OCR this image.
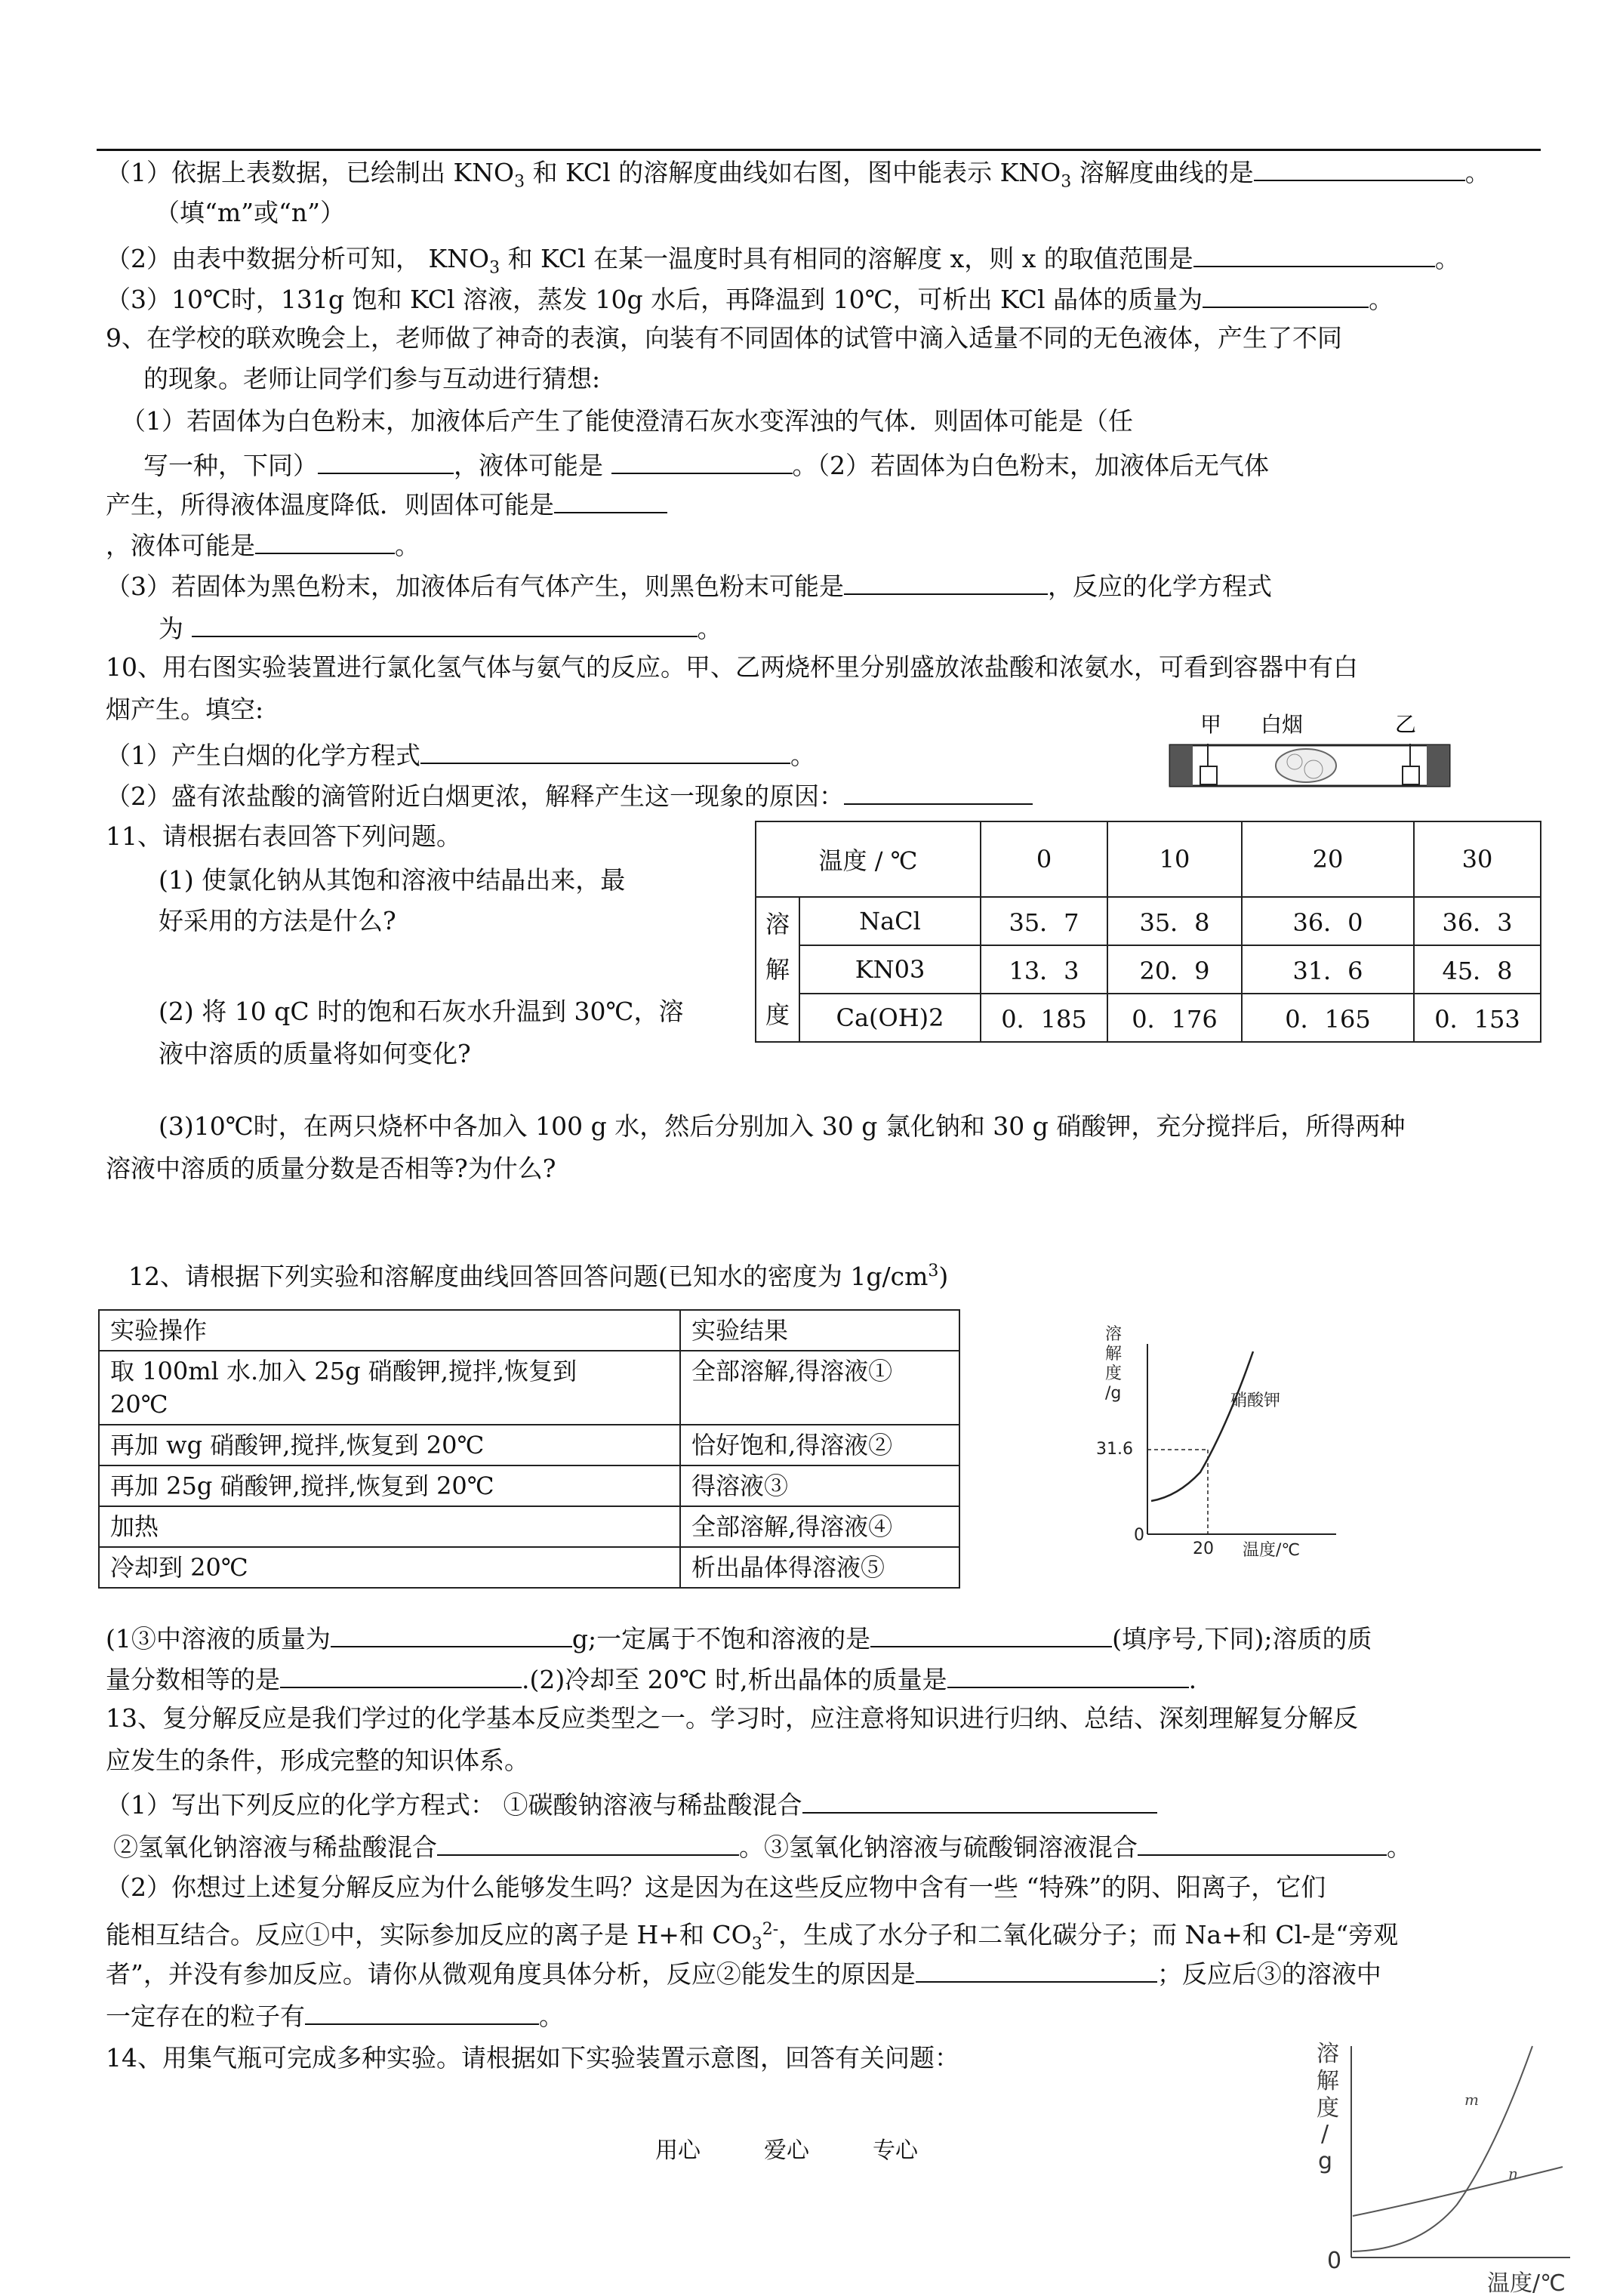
（1）依据上表数据，已绘制出 $KNO_3$ 和 KCl 的溶解度曲线如右图，图中能表示 $KNO_3$ 溶解度曲线的是	。
（填“m”或“n”）
（2）由表中数据分析可知， $KNO_3$ 和 KCl 在某一温度时具有相同的溶解度 x，则 x 的取值范围是	。
（3）10℃时，131g 饱和 KCl 溶液，蒸发 10g 水后，再降温到 10℃，可析出 KCl 晶体的质量为	。
9、在学校的联欢晚会上，老师做了神奇的表演，向装有不同固体的试管中滴入适量不同的无色液体，产生了不同
的现象。老师让同学们参与互动进行猜想:
（1）若固体为白色粉末，加液体后产生了能使澄清石灰水变浑浊的气体．则固体可能是（任
写一种，下同）	，液体可能是	。（2）若固体为白色粉末，加液体后无气体
产生，所得液体温度降低．则固体可能是
，液体可能是	。
（3）若固体为黑色粉末，加液体后有气体产生，则黑色粉末可能是	，反应的化学方程式
为	。
10、用右图实验装置进行氯化氢气体与氨气的反应。甲、乙两烧杯里分别盛放浓盐酸和浓氨水，可看到容器中有白
烟产生。填空:
（1）产生白烟的化学方程式	。
（2）盛有浓盐酸的滴管附近白烟更浓，解释产生这一现象的原因：
甲 白烟	乙
11、请根据右表回答下列问题。
(1) 使氯化钠从其饱和溶液中结晶出来，最
好采用的方法是什么?
(2) 将 10 qC 时的饱和石灰水升温到 30℃，溶
液中溶质的质量将如何变化?
(3)10℃时，在两只烧杯中各加入 100 g 水，然后分别加入 30 g 氯化钠和 30 g 硝酸钾，充分搅拌后，所得两种
溶液中溶质的质量分数是否相等?为什么?
温度 / ℃		0	10	20	30

溶
解
度	NaCl	35．7	35．8	36．0	36．3
	KN03	13．3	20．9	31．6	45．8
	Ca(OH)2	0．185	0．176	0．165	0．153
12、请根据下列实验和溶解度曲线回答回答问题(已知水的密度为 $1g/cm^3$)
实验操作	实验结果

取 100ml 水.加入 25g 硝酸钾,搅拌,恢复到
20℃	全部溶解,得溶液①
再加 wg 硝酸钾,搅拌,恢复到 20℃	恰好饱和,得溶液②
再加 25g 硝酸钾,搅拌,恢复到 20℃	得溶液③
加热	全部溶解,得溶液④
冷却到 20℃	析出晶体得溶液⑤
溶
解
度
/g	硝酸钾
31.6
0
20 温度/℃
(1③中溶液的质量为	g;一定属于不饱和溶液的是	(填序号,下同);溶质的质
量分数相等的是	.(2)冷却至 20℃ 时,析出晶体的质量是	.
13、复分解反应是我们学过的化学基本反应类型之一。学习时，应注意将知识进行归纳、总结、深刻理解复分解反
应发生的条件，形成完整的知识体系。
（1）写出下列反应的化学方程式： ①碳酸钠溶液与稀盐酸混合
②氢氧化钠溶液与稀盐酸混合	。③氢氧化钠溶液与硫酸铜溶液混合	。
（2）你想过上述复分解反应为什么能够发生吗？这是因为在这些反应物中含有一些 “特殊”的阴、阳离子，它们
能相互结合。反应①中，实际参加反应的离子是 H+和 $CO_3^{2-}$，生成了水分子和二氧化碳分子；而 Na+和 Cl-是“旁观
者”，并没有参加反应。请你从微观角度具体分析，反应②能发生的原因是	；反应后③的溶液中
一定存在的粒子有	。
14、用集气瓶可完成多种实验。请根据如下实验装置示意图，回答有关问题：	溶
解
度
/
g
0
温度/℃
m
n
用心	爱心	专心
